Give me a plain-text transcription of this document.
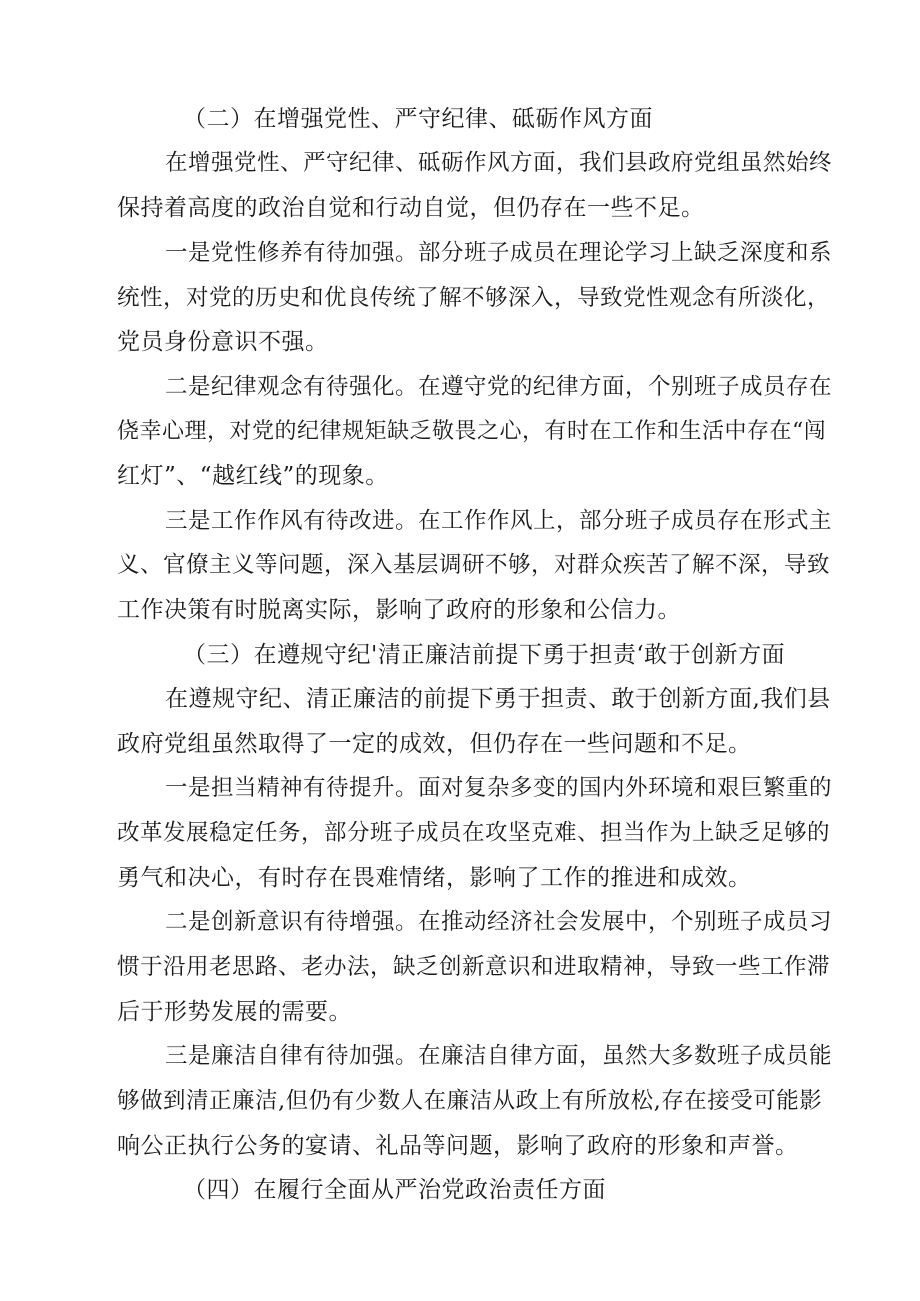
（二）在增强党性、严守纪律、砥砺作风方面
在增强党性、严守纪律、砥砺作风方面，我们县政府党组虽然始终
保持着高度的政治自觉和行动自觉，但仍存在一些不足。
一是党性修养有待加强。部分班子成员在理论学习上缺乏深度和系
统性，对党的历史和优良传统了解不够深入，导致党性观念有所淡化，
党员身份意识不强。
二是纪律观念有待强化。在遵守党的纪律方面，个别班子成员存在
侥幸心理，对党的纪律规矩缺乏敬畏之心，有时在工作和生活中存在“闯
红灯”、“越红线”的现象。
三是工作作风有待改进。在工作作风上，部分班子成员存在形式主
义、官僚主义等问题，深入基层调研不够，对群众疾苦了解不深，导致
工作决策有时脱离实际，影响了政府的形象和公信力。
（三）在遵规守纪'清正廉洁前提下勇于担责‘敢于创新方面
在遵规守纪、清正廉洁的前提下勇于担责、敢于创新方面,我们县
政府党组虽然取得了一定的成效，但仍存在一些问题和不足。
一是担当精神有待提升。面对复杂多变的国内外环境和艰巨繁重的
改革发展稳定任务，部分班子成员在攻坚克难、担当作为上缺乏足够的
勇气和决心，有时存在畏难情绪，影响了工作的推进和成效。
二是创新意识有待增强。在推动经济社会发展中，个别班子成员习
惯于沿用老思路、老办法，缺乏创新意识和进取精神，导致一些工作滞
后于形势发展的需要。
三是廉洁自律有待加强。在廉洁自律方面，虽然大多数班子成员能
够做到清正廉洁,但仍有少数人在廉洁从政上有所放松,存在接受可能影
响公正执行公务的宴请、礼品等问题，影响了政府的形象和声誉。
（四）在履行全面从严治党政治责任方面
